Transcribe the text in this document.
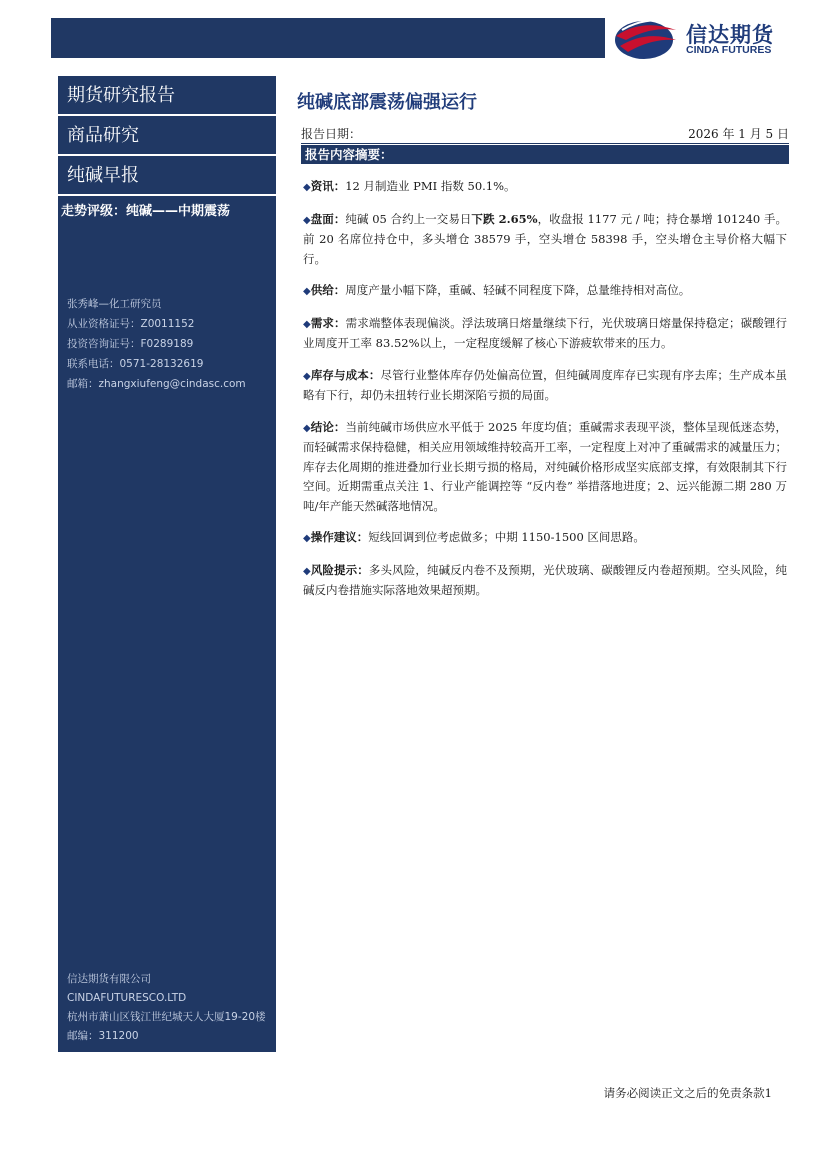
信达期货
CINDA FUTURES
期货研究报告
商品研究
纯碱早报
走势评级：纯碱——中期震荡
张秀峰—化工研究员
从业资格证号：Z0011152
投资咨询证号：F0289189
联系电话：0571-28132619
邮箱：zhangxiufeng@cindasc.com
信达期货有限公司
CINDAFUTURESCO.LTD
杭州市萧山区钱江世纪城天人大厦19-20楼
邮编：311200
纯碱底部震荡偏强运行
报告日期：	2026 年 1 月 5 日
报告内容摘要：

◆资讯：12 月制造业 PMI 指数 50.1%。

◆盘面：纯碱 05 合约上一交易日下跌 2.65%，收盘报 1177 元 / 吨；持仓暴增 101240 手。前 20 名席位持仓中，多头增仓 38579 手，空头增仓 58398 手，空头增仓主导价格大幅下行。

◆供给：周度产量小幅下降，重碱、轻碱不同程度下降，总量维持相对高位。

◆需求：需求端整体表现偏淡。浮法玻璃日熔量继续下行，光伏玻璃日熔量保持稳定；碳酸锂行业周度开工率 83.52%以上，一定程度缓解了核心下游疲软带来的压力。

◆库存与成本：尽管行业整体库存仍处偏高位置，但纯碱周度库存已实现有序去库；生产成本虽略有下行，却仍未扭转行业长期深陷亏损的局面。

◆结论：当前纯碱市场供应水平低于 2025 年度均值；重碱需求表现平淡，整体呈现低迷态势，而轻碱需求保持稳健，相关应用领域维持较高开工率，一定程度上对冲了重碱需求的减量压力；库存去化周期的推进叠加行业长期亏损的格局，对纯碱价格形成坚实底部支撑，有效限制其下行空间。近期需重点关注 1、行业产能调控等 “反内卷” 举措落地进度；2、远兴能源二期 280 万吨/年产能天然碱落地情况。

◆操作建议：短线回调到位考虑做多；中期 1150-1500 区间思路。

◆风险提示：多头风险，纯碱反内卷不及预期，光伏玻璃、碳酸锂反内卷超预期。空头风险，纯碱反内卷措施实际落地效果超预期。

请务必阅读正文之后的免责条款1
